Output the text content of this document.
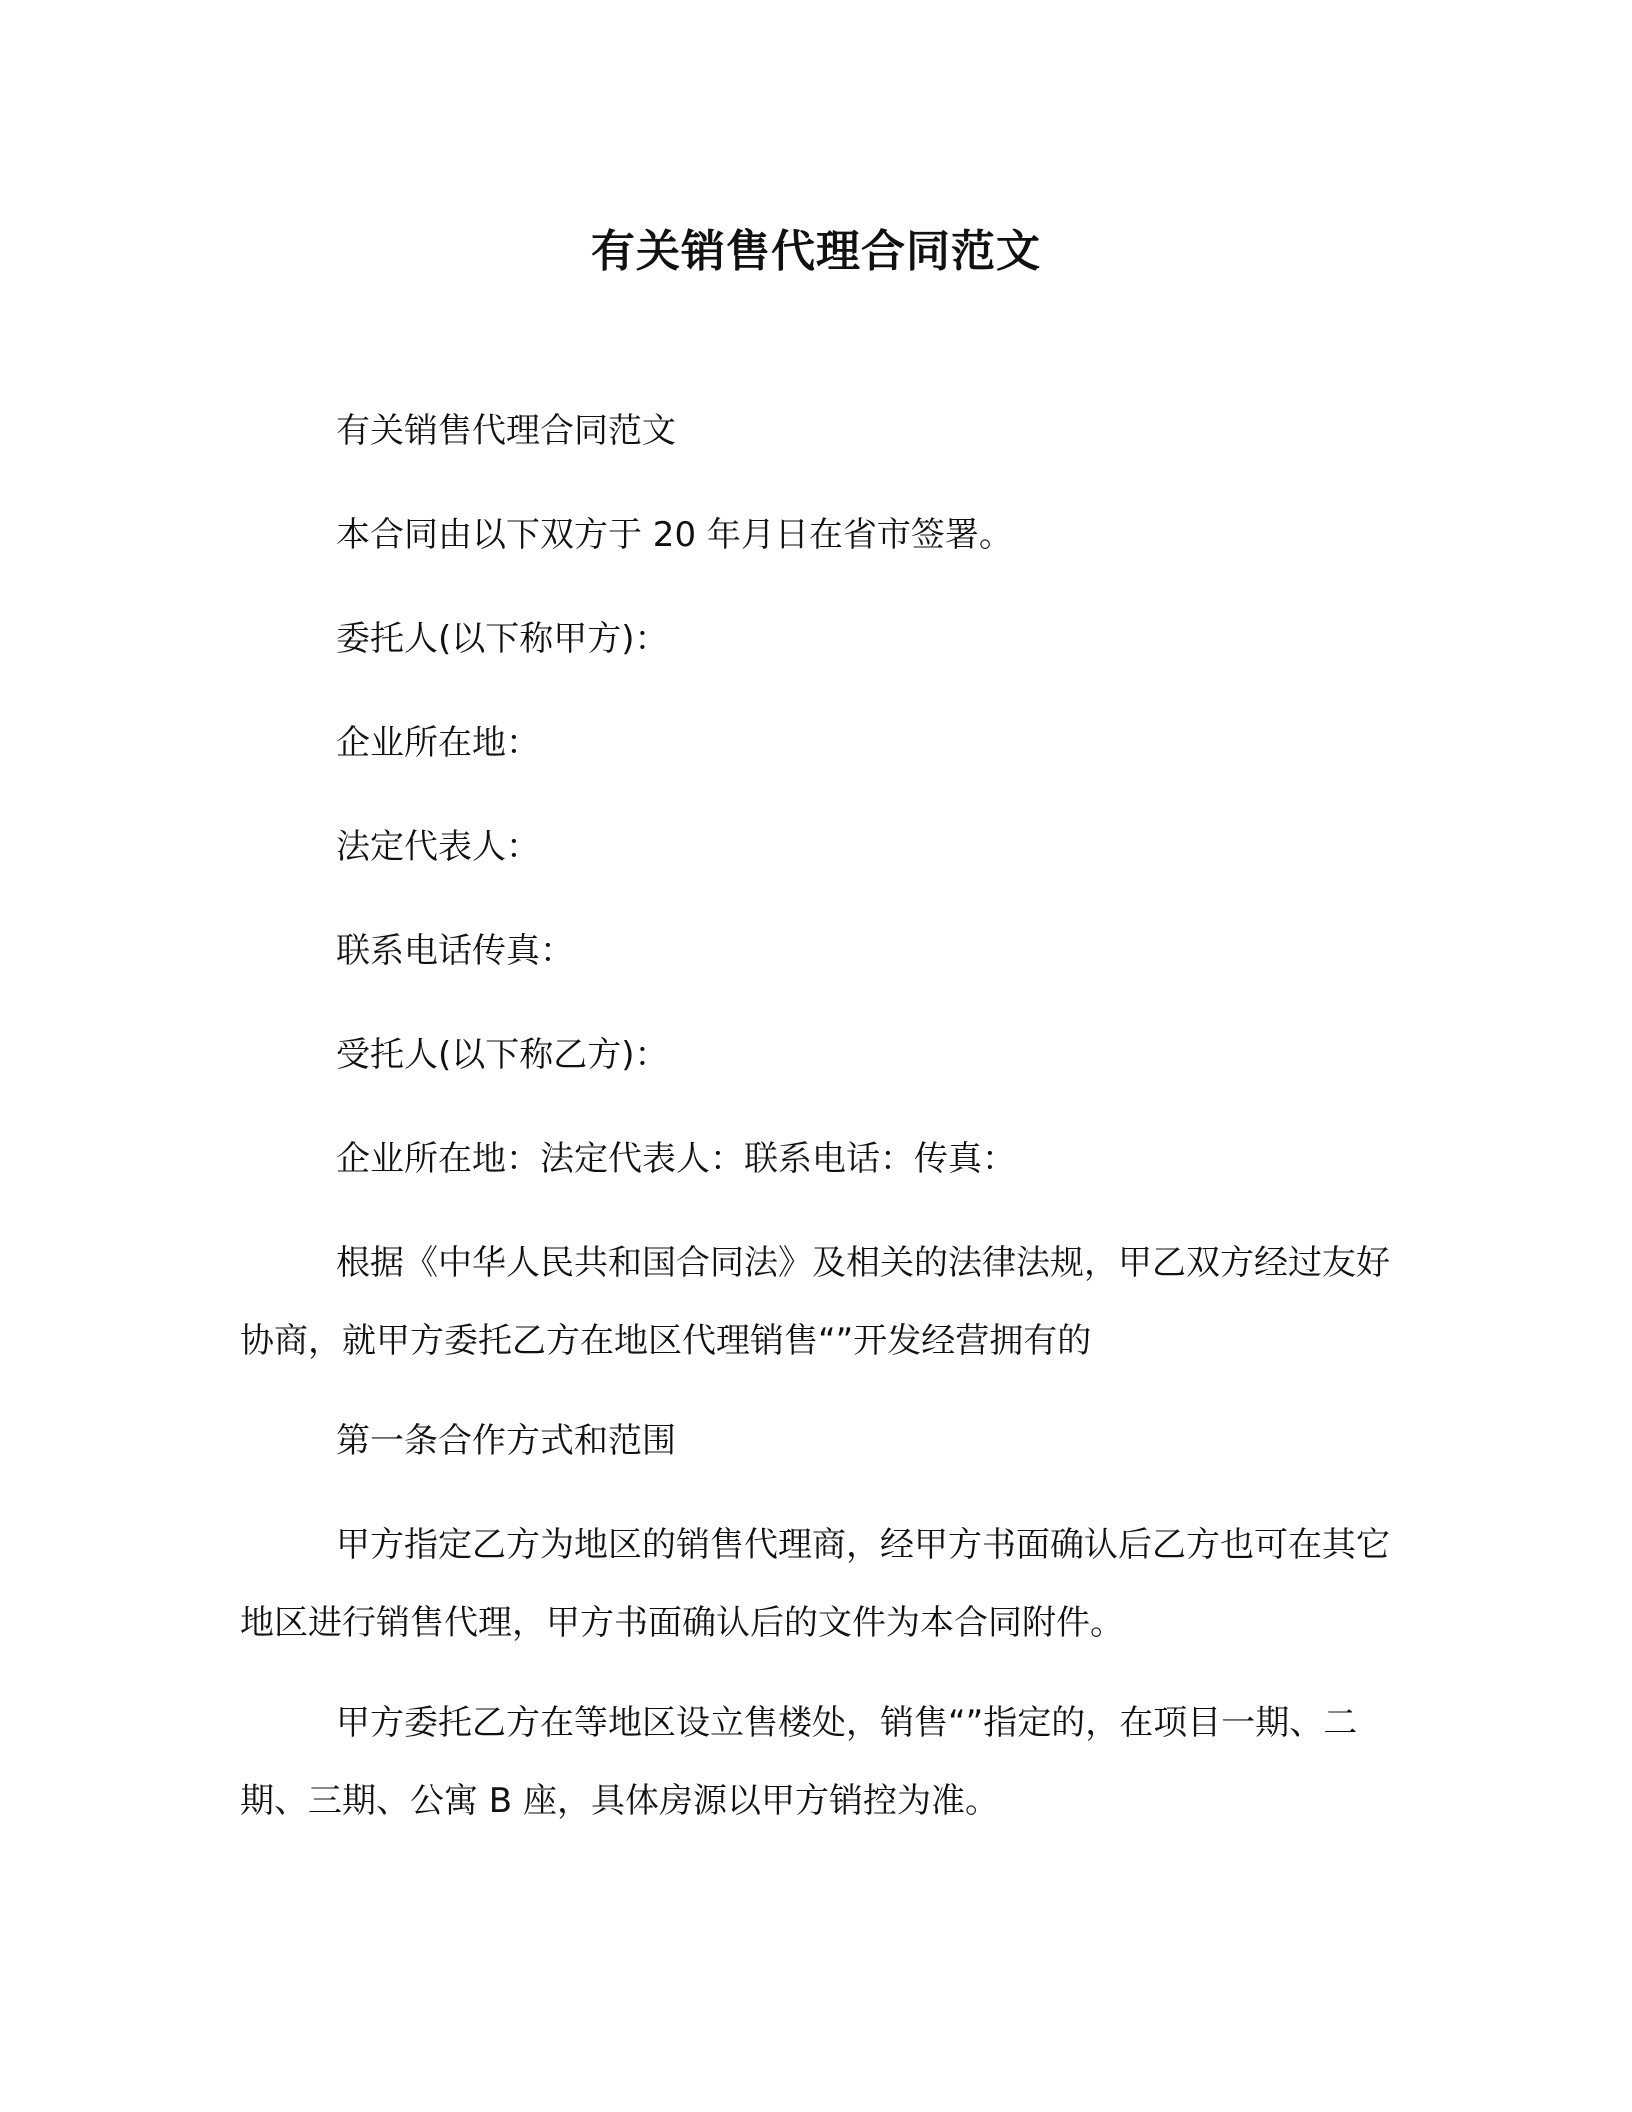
有关销售代理合同范文

有关销售代理合同范文

本合同由以下双方于 20 年月日在省市签署。

委托人(以下称甲方)：

企业所在地：

法定代表人：

联系电话传真：

受托人(以下称乙方)：

企业所在地：法定代表人：联系电话：传真：

根据《中华人民共和国合同法》及相关的法律法规，甲乙双方经过友好协商，就甲方委托乙方在地区代理销售“”开发经营拥有的

第一条合作方式和范围

甲方指定乙方为地区的销售代理商，经甲方书面确认后乙方也可在其它地区进行销售代理，甲方书面确认后的文件为本合同附件。

甲方委托乙方在等地区设立售楼处，销售“”指定的，在项目一期、二期、三期、公寓 B 座，具体房源以甲方销控为准。
